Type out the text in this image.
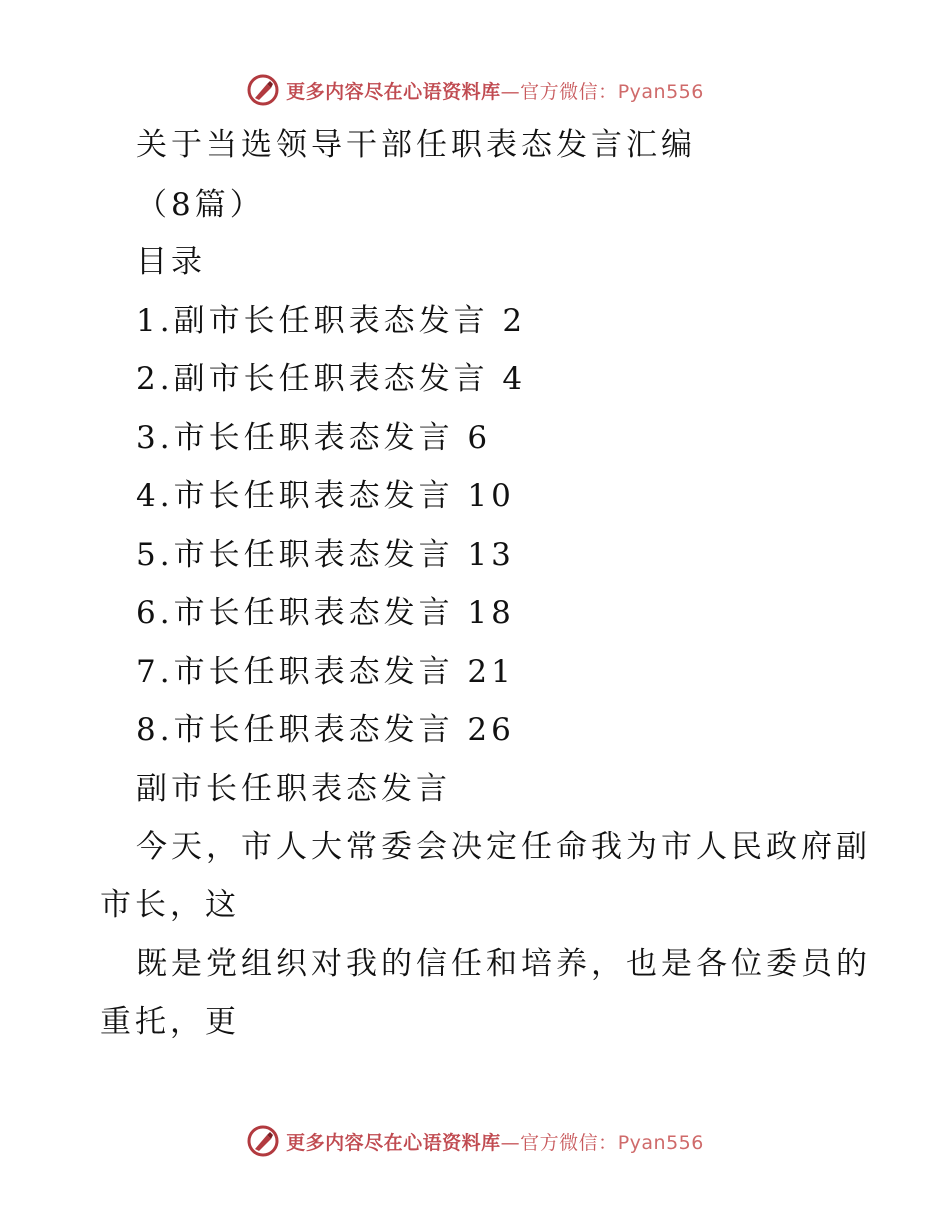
更多内容尽在心语资料库—官方微信：Pyan556
关于当选领导干部任职表态发言汇编
（8篇）
目录
1.副市长任职表态发言 2
2.副市长任职表态发言 4
3.市长任职表态发言 6
4.市长任职表态发言 10
5.市长任职表态发言 13
6.市长任职表态发言 18
7.市长任职表态发言 21
8.市长任职表态发言 26
副市长任职表态发言
今天，市人大常委会决定任命我为市人民政府副
市长，这
既是党组织对我的信任和培养，也是各位委员的
重托，更
更多内容尽在心语资料库—官方微信：Pyan556
